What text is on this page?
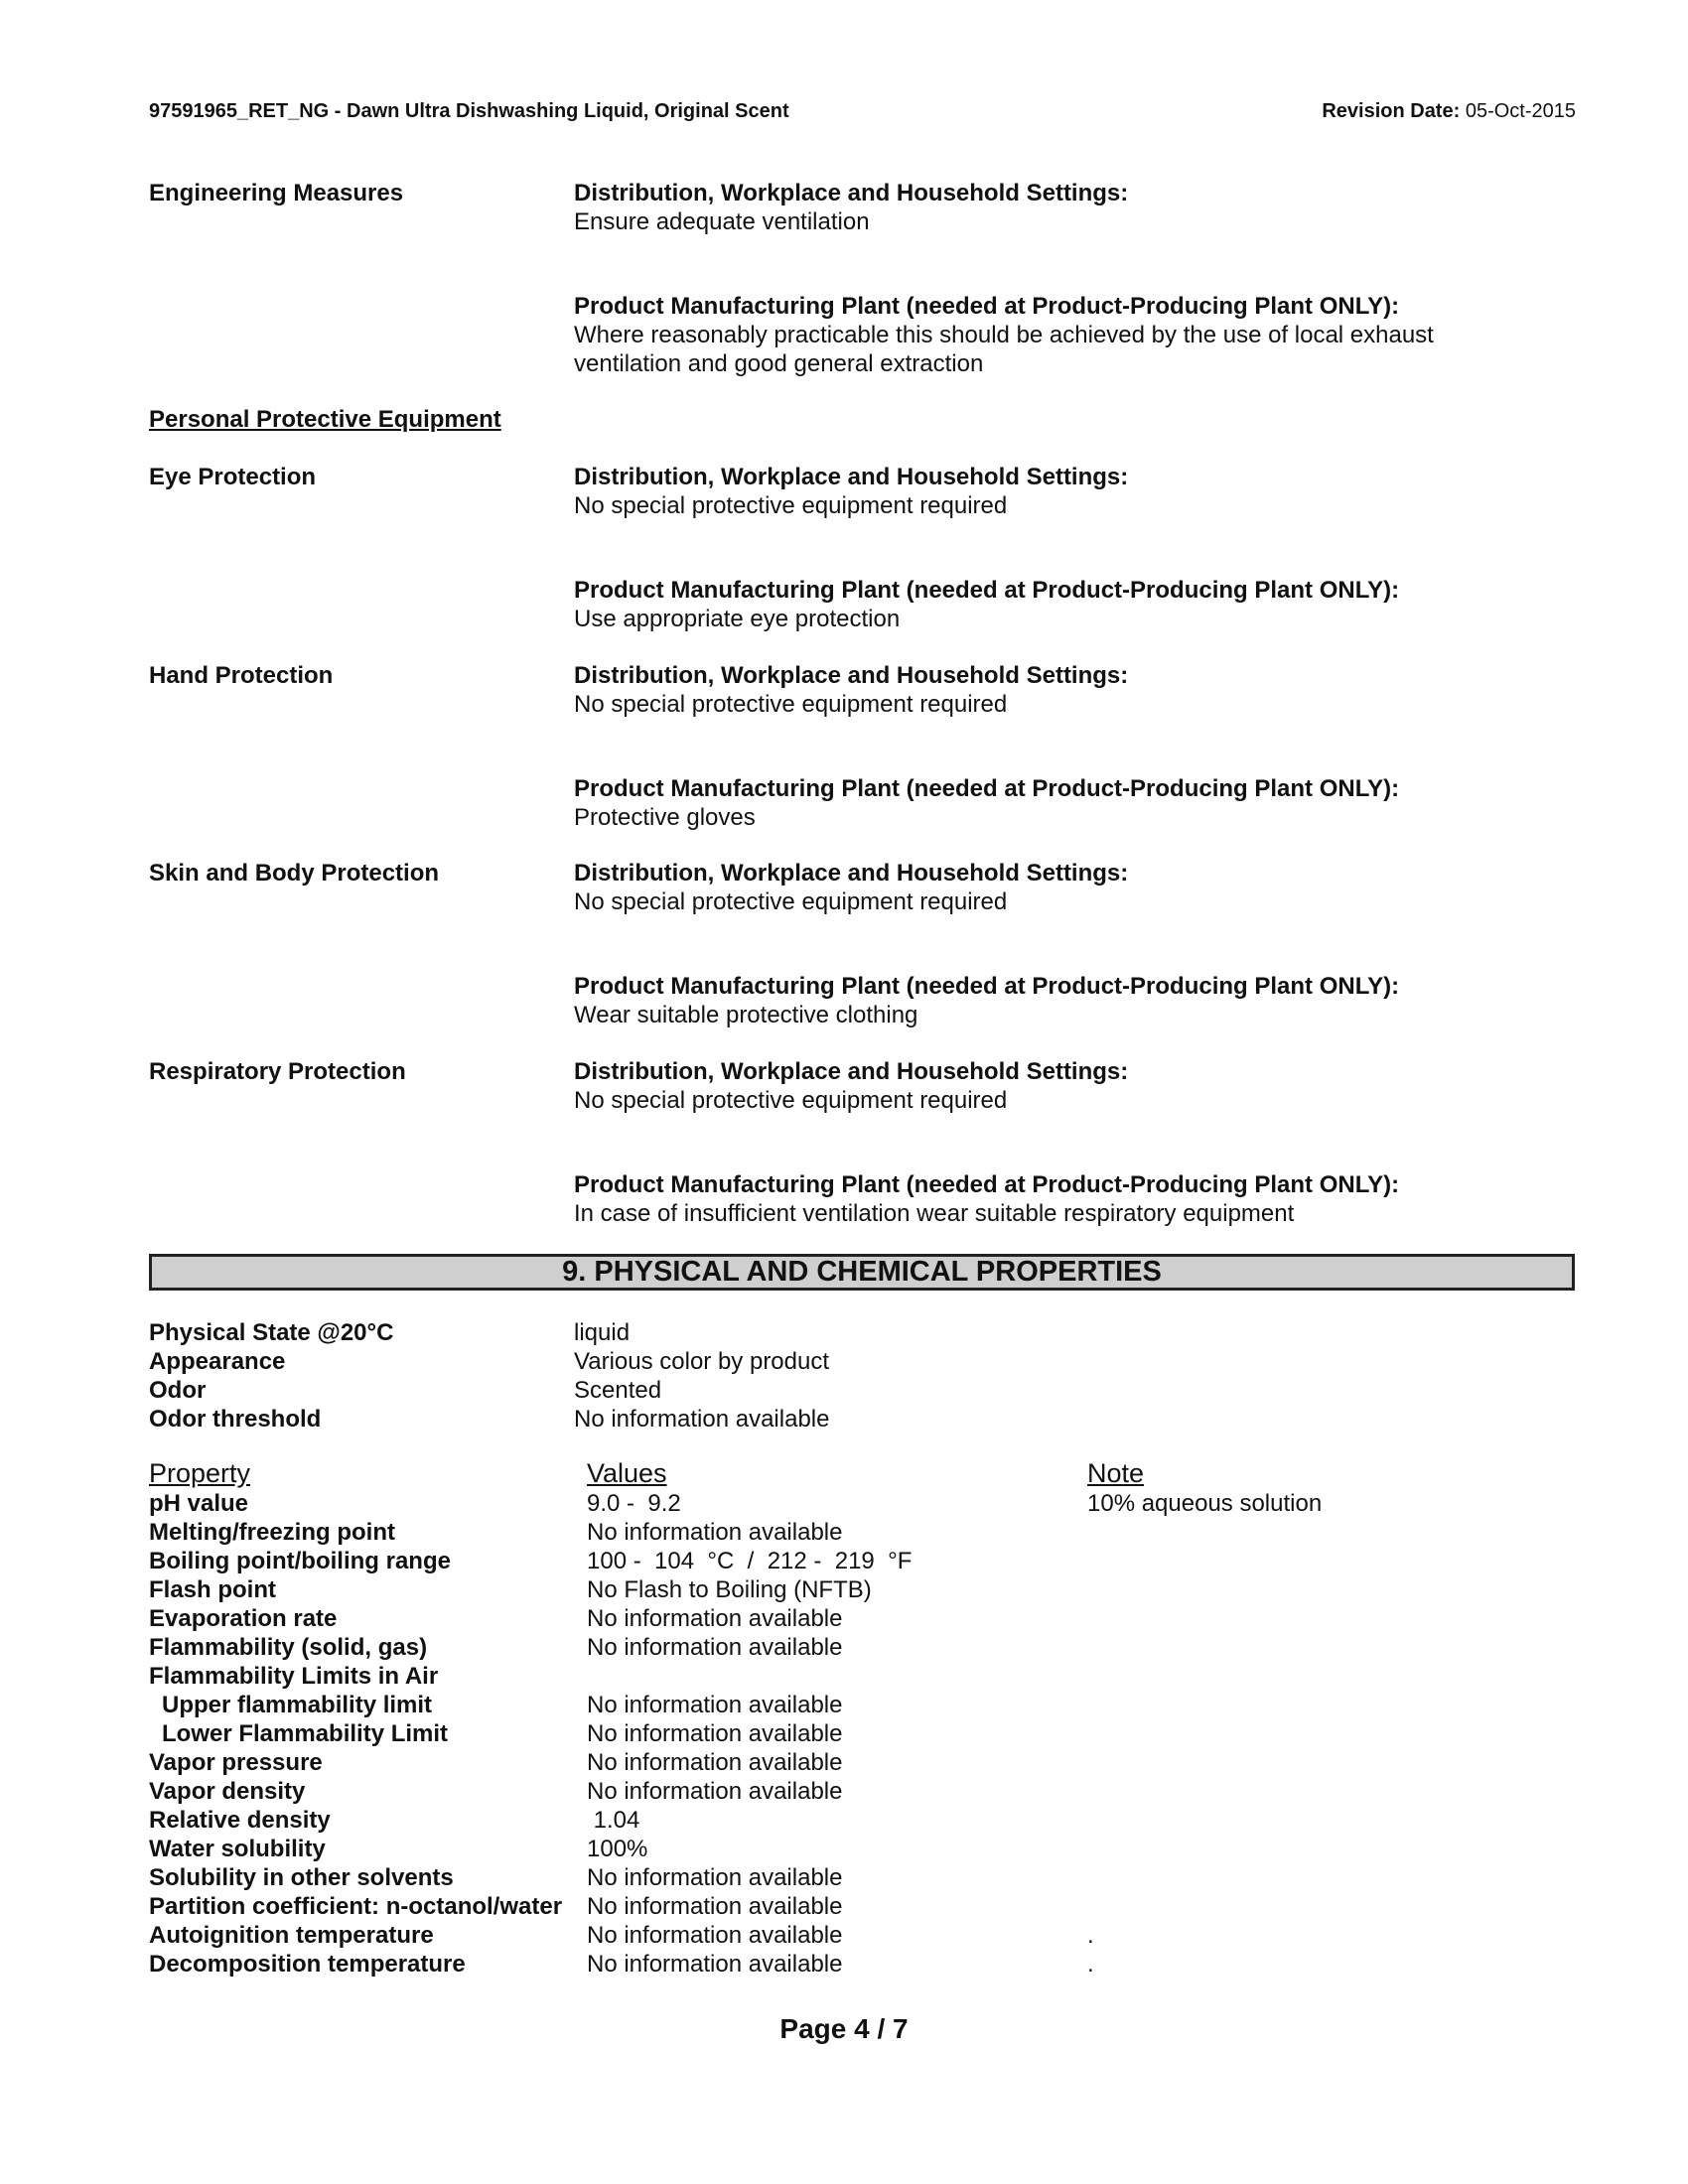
97591965_RET_NG - Dawn Ultra Dishwashing Liquid, Original Scent	Revision Date: 05-Oct-2015
Engineering Measures	Distribution, Workplace and Household Settings:
Ensure adequate ventilation
Product Manufacturing Plant (needed at Product-Producing Plant ONLY):
Where reasonably practicable this should be achieved by the use of local exhaust
ventilation and good general extraction
Personal Protective Equipment
Eye Protection	Distribution, Workplace and Household Settings:
No special protective equipment required
Product Manufacturing Plant (needed at Product-Producing Plant ONLY):
Use appropriate eye protection
Hand Protection	Distribution, Workplace and Household Settings:
No special protective equipment required
Product Manufacturing Plant (needed at Product-Producing Plant ONLY):
Protective gloves
Skin and Body Protection	Distribution, Workplace and Household Settings:
No special protective equipment required
Product Manufacturing Plant (needed at Product-Producing Plant ONLY):
Wear suitable protective clothing
Respiratory Protection	Distribution, Workplace and Household Settings:
No special protective equipment required
Product Manufacturing Plant (needed at Product-Producing Plant ONLY):
In case of insufficient ventilation wear suitable respiratory equipment
9. PHYSICAL AND CHEMICAL PROPERTIES
Physical State @20°C	liquid
Appearance	Various color by product
Odor	Scented
Odor threshold	No information available
Property	Values	Note
pH value	9.0 -  9.2	10% aqueous solution
Melting/freezing point	No information available	
Boiling point/boiling range	100 -  104  °C  /  212 -  219  °F	
Flash point	No Flash to Boiling (NFTB)	
Evaporation rate	No information available	
Flammability (solid, gas)	No information available	
Flammability Limits in Air		
Upper flammability limit	No information available	
Lower Flammability Limit	No information available	
Vapor pressure	No information available	
Vapor density	No information available	
Relative density	1.04	
Water solubility	100%	
Solubility in other solvents	No information available	
Partition coefficient: n-octanol/water	No information available	
Autoignition temperature	No information available	.
Decomposition temperature	No information available	.
Page 4 / 7
